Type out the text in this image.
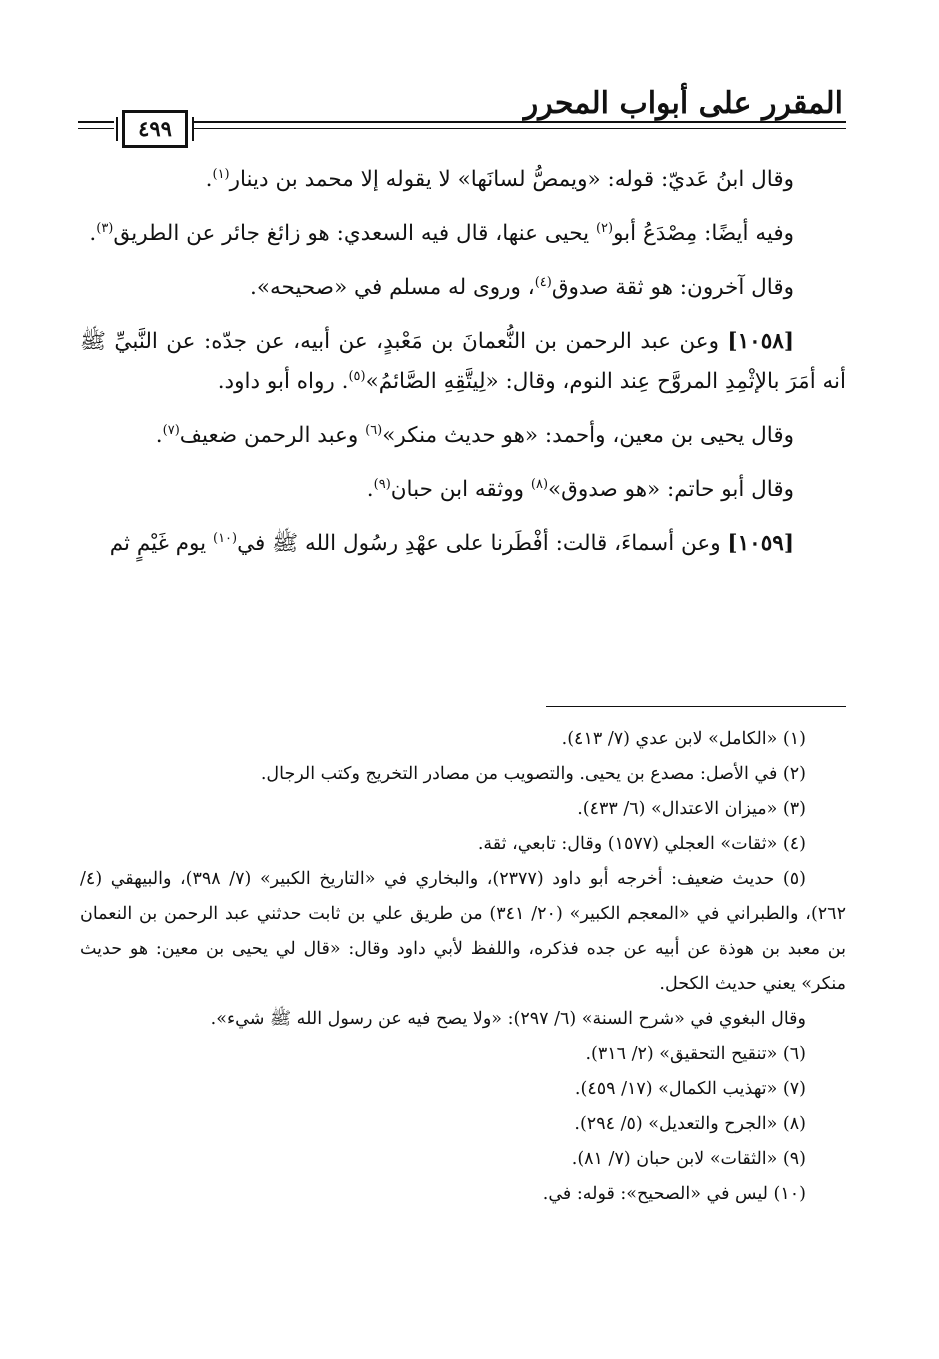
المقرر على أبواب المحرر
٤٩٩

وقال ابنُ عَديّ: قوله: «ويمصُّ لسانَها» لا يقوله إلا محمد بن دينار$^{(١)}$.

وفيه أيضًا: مِصْدَعُ أبو$^{(٢)}$ يحيى عنها، قال فيه السعدي: هو زائغ جائر عن الطريق$^{(٣)}$.

وقال آخرون: هو ثقة صدوق$^{(٤)}$، وروى له مسلم في «صحيحه».

[١٠٥٨] وعن عبد الرحمن بن النُّعمانَ بن مَعْبدٍ، عن أبيه، عن جدّه: عن النَّبيِّ ﷺ أنه أمَرَ بالإثْمِدِ المروَّح عِند النوم، وقال: «لِيتَّقِهِ الصَّائمُ»$^{(٥)}$. رواه أبو داود.

وقال يحيى بن معين، وأحمد: «هو حديث منكر»$^{(٦)}$ وعبد الرحمن ضعيف$^{(٧)}$.

وقال أبو حاتم: «هو صدوق»$^{(٨)}$ ووثقه ابن حبان$^{(٩)}$.

[١٠٥٩] وعن أسماءَ، قالت: أفْطَرنا على عهْدِ رسُول الله ﷺ في$^{(١٠)}$ يوم غَيْمٍ ثم

(١) «الكامل» لابن عدي (٧/ ٤١٣).

(٢) في الأصل: مصدع بن يحيى. والتصويب من مصادر التخريج وكتب الرجال.

(٣) «ميزان الاعتدال» (٦/ ٤٣٣).

(٤) «ثقات» العجلي (١٥٧٧) وقال: تابعي، ثقة.

(٥) حديث ضعيف: أخرجه أبو داود (٢٣٧٧)، والبخاري في «التاريخ الكبير» (٧/ ٣٩٨)، والبيهقي (٤/ ٢٦٢)، والطبراني في «المعجم الكبير» (٢٠/ ٣٤١) من طريق علي بن ثابت حدثني عبد الرحمن بن النعمان بن معبد بن هوذة عن أبيه عن جده فذكره، واللفظ لأبي داود وقال: «قال لي يحيى بن معين: هو حديث منكر» يعني حديث الكحل.

وقال البغوي في «شرح السنة» (٦/ ٢٩٧): «ولا يصح فيه عن رسول الله ﷺ شيء».

(٦) «تنقيح التحقيق» (٢/ ٣١٦).

(٧) «تهذيب الكمال» (١٧/ ٤٥٩).

(٨) «الجرح والتعديل» (٥/ ٢٩٤).

(٩) «الثقات» لابن حبان (٧/ ٨١).

(١٠) ليس في «الصحيح»: قوله: في.
